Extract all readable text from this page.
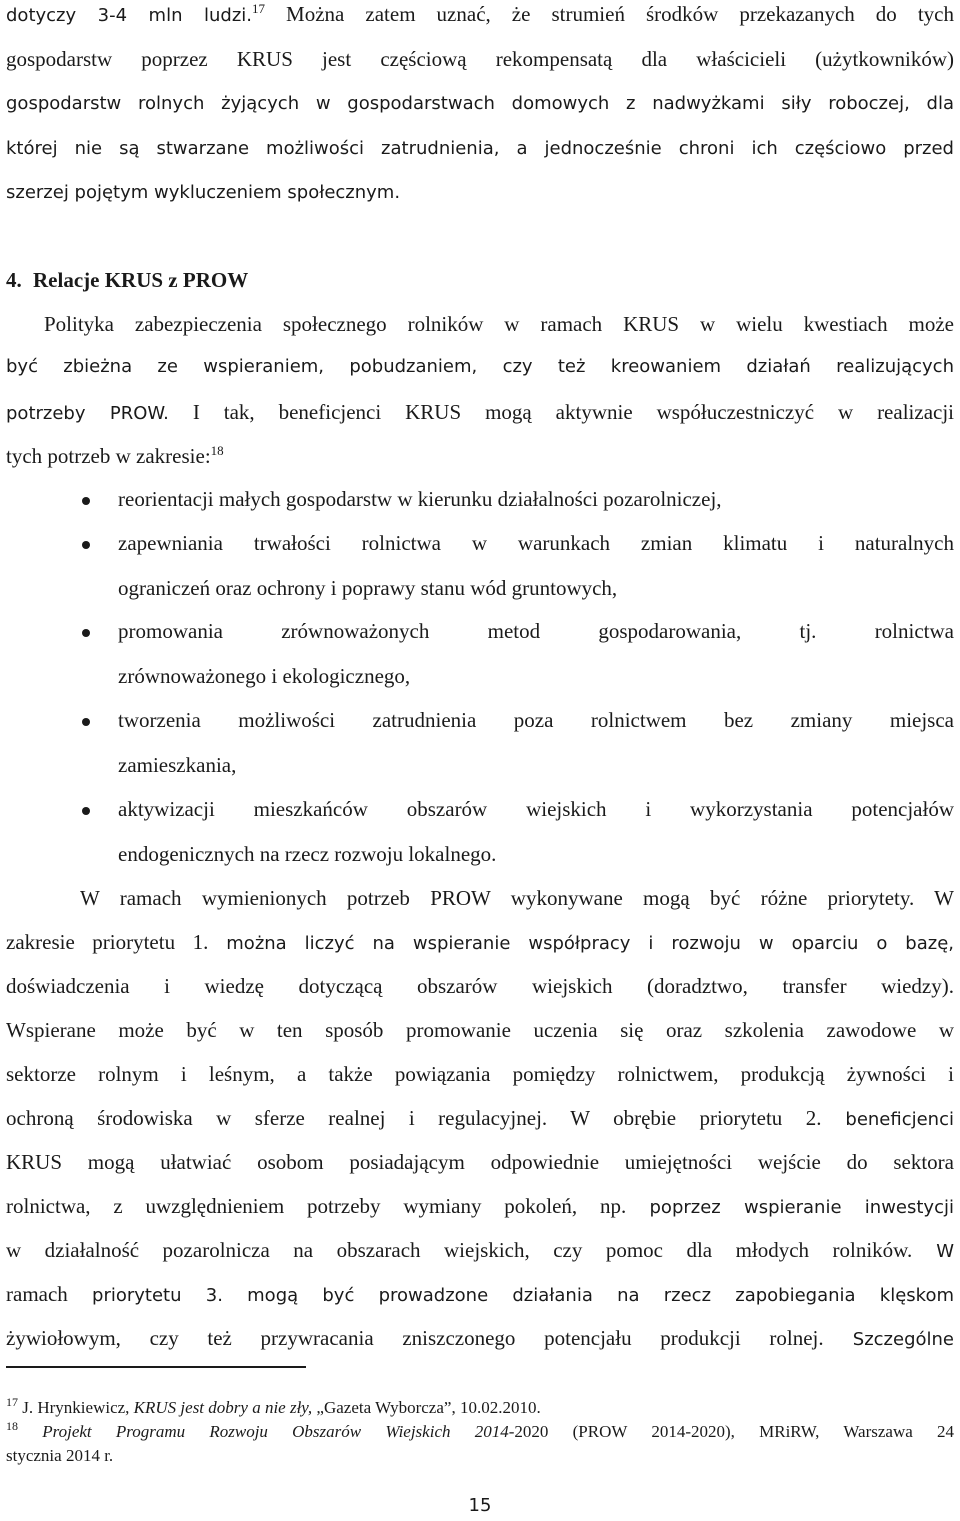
dotyczy 3-4 mln ludzi.$^{17}$ Można zatem uznać, że strumień środków przekazanych do tych
gospodarstw poprzez KRUS jest częściową rekompensatą dla właścicieli (użytkowników)
gospodarstw rolnych żyjących w gospodarstwach domowych z nadwyżkami siły roboczej, dla
której nie są stwarzane możliwości zatrudnienia, a jednocześnie chroni ich częściowo przed
szerzej pojętym wykluczeniem społecznym.
4. Relacje KRUS z PROW
Polityka zabezpieczenia społecznego rolników w ramach KRUS w wielu kwestiach może
być zbieżna ze wspieraniem, pobudzaniem, czy też kreowaniem działań realizujących
potrzeby PROW. I tak, beneficjenci KRUS mogą aktywnie współuczestniczyć w realizacji
tych potrzeb w zakresie:$^{18}$
reorientacji małych gospodarstw w kierunku działalności pozarolniczej,
zapewniania trwałości rolnictwa w warunkach zmian klimatu i naturalnych
ograniczeń oraz ochrony i poprawy stanu wód gruntowych,
promowania zrównoważonych metod gospodarowania, tj. rolnictwa
zrównoważonego i ekologicznego,
tworzenia możliwości zatrudnienia poza rolnictwem bez zmiany miejsca
zamieszkania,
aktywizacji mieszkańców obszarów wiejskich i wykorzystania potencjałów
endogenicznych na rzecz rozwoju lokalnego.
W ramach wymienionych potrzeb PROW wykonywane mogą być różne priorytety. W
zakresie priorytetu 1. można liczyć na wspieranie współpracy i rozwoju w oparciu o bazę,
doświadczenia i wiedzę dotyczącą obszarów wiejskich (doradztwo, transfer wiedzy).
Wspierane może być w ten sposób promowanie uczenia się oraz szkolenia zawodowe w
sektorze rolnym i leśnym, a także powiązania pomiędzy rolnictwem, produkcją żywności i
ochroną środowiska w sferze realnej i regulacyjnej. W obrębie priorytetu 2. beneficjenci
KRUS mogą ułatwiać osobom posiadającym odpowiednie umiejętności wejście do sektora
rolnictwa, z uwzględnieniem potrzeby wymiany pokoleń, np. poprzez wspieranie inwestycji
w działalność pozarolnicza na obszarach wiejskich, czy pomoc dla młodych rolników. W
ramach priorytetu 3. mogą być prowadzone działania na rzecz zapobiegania klęskom
żywiołowym, czy też przywracania zniszczonego potencjału produkcji rolnej. Szczególne
$^{17}$ J. Hrynkiewicz, KRUS jest dobry a nie zły, „Gazeta Wyborcza”, 10.02.2010.
$^{18}$ Projekt Programu Rozwoju Obszarów Wiejskich 2014-2020 (PROW 2014-2020), MRiRW, Warszawa 24
stycznia 2014 r.
15
